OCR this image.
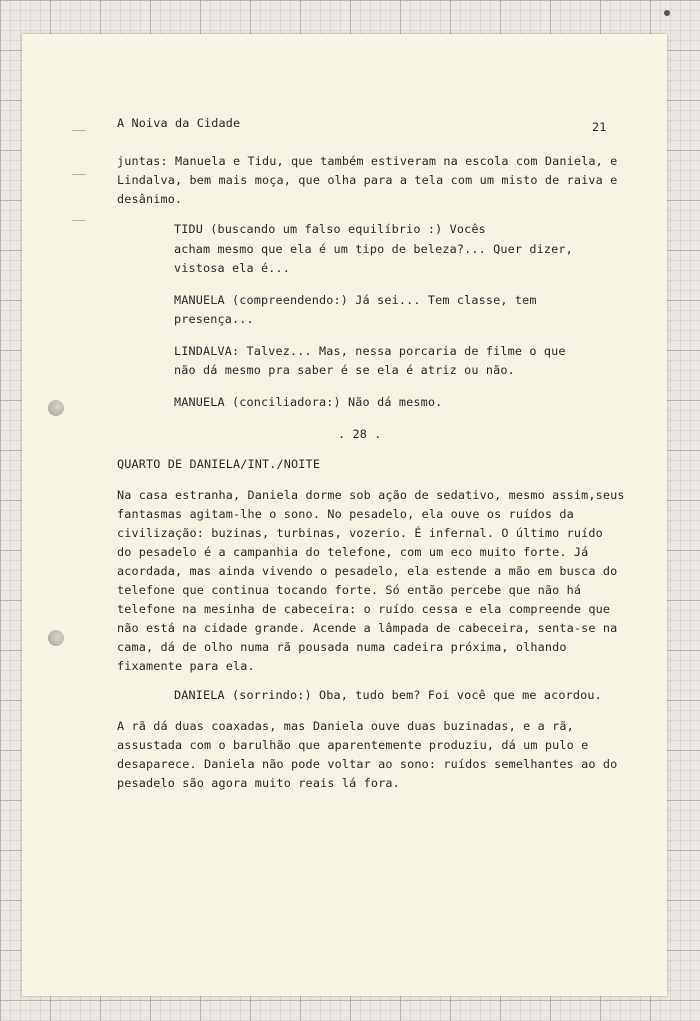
A Noiva da Cidade	21
juntas: Manuela e Tidu, que também estiveram na escola com Daniela, e
Lindalva, bem mais moça, que olha para a tela com um misto de raiva e
desânimo.
TIDU (buscando um falso equilíbrio :) Vocês
acham mesmo que ela é um tipo de beleza?... Quer dizer,
vistosa ela é...
MANUELA (compreendendo:) Já sei... Tem classe, tem
presença...
LINDALVA: Talvez... Mas, nessa porcaria de filme o que
não dá mesmo pra saber é se ela é atriz ou não.
MANUELA (conciliadora:) Não dá mesmo.
. 28 .
QUARTO DE DANIELA/INT./NOITE
Na casa estranha, Daniela dorme sob ação de sedativo, mesmo assim,seus
fantasmas agitam-lhe o sono. No pesadelo, ela ouve os ruídos da
civilização: buzinas, turbinas, vozerio. É infernal. O último ruído
do pesadelo é a campanhia do telefone, com um eco muito forte. Já
acordada, mas ainda vivendo o pesadelo, ela estende a mão em busca do
telefone que continua tocando forte. Só então percebe que não há
telefone na mesinha de cabeceira: o ruído cessa e ela compreende que
não está na cidade grande. Acende a lâmpada de cabeceira, senta-se na
cama, dá de olho numa rã pousada numa cadeira próxima, olhando
fixamente para ela.
DANIELA (sorrindo:) Oba, tudo bem? Foi você que me acordou.
A rã dá duas coaxadas, mas Daniela ouve duas buzinadas, e a rã,
assustada com o barulhão que aparentemente produziu, dá um pulo e
desaparece. Daniela não pode voltar ao sono: ruídos semelhantes ao do
pesadelo são agora muito reais lá fora.
